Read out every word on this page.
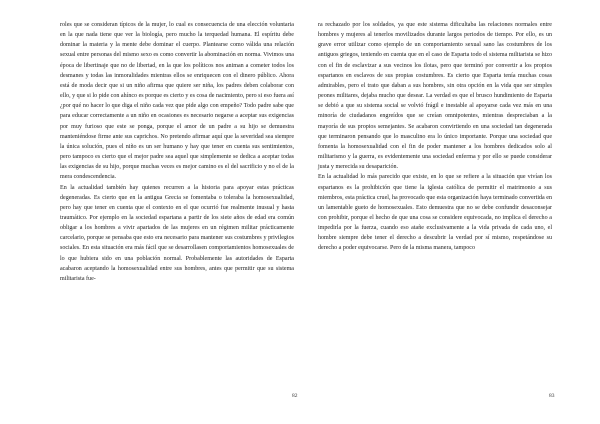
roles que se consideran típicos de la mujer, lo cual es consecuencia de una elección voluntaria en la que nada tiene que ver la biología, pero mucho la terquedad humana. El espíritu debe dominar la materia y la mente debe dominar el cuerpo. Plantearse como válida una relación sexual entre personas del mismo sexo es como convertir la abominación en norma. Vivimos una época de libertinaje que no de libertad, en la que los políticos nos animan a cometer todos los desmanes y todas las inmoralidades mientras ellos se enriquecen con el dinero público. Ahora está de moda decir que si un niño afirma que quiere ser niña, los padres deben colaborar con ello, y que si lo pide con ahínco es porque es cierto y es cosa de nacimiento, pero si eso fuera así ¿por qué no hacer lo que diga el niño cada vez que pide algo con empeño? Todo padre sabe que para educar correctamente a un niño en ocasiones es necesario negarse a aceptar sus exigencias por muy furioso que este se ponga, porque el amor de un padre a su hijo se demuestra manteniéndose firme ante sus caprichos. No pretendo afirmar aquí que la severidad sea siempre la única solución, pues el niño es un ser humano y hay que tener en cuenta sus sentimientos, pero tampoco es cierto que el mejor padre sea aquel que simplemente se dedica a aceptar todas las exigencias de su hijo, porque muchas veces es mejor camino es el del sacrificio y no el de la mera condescendencia.

En la actualidad también hay quienes recurren a la historia para apoyar estas prácticas degeneradas. Es cierto que en la antigua Grecia se fomentaba o toleraba la homosexualidad, pero hay que tener en cuenta que el contexto en el que ocurrió fue realmente inusual y hasta traumático. Por ejemplo en la sociedad espartana a partir de los siete años de edad era común obligar a los hombres a vivir apartados de las mujeres en un régimen militar prácticamente carcelario, porque se pensaba que esto era necesario para mantener sus costumbres y privilegios sociales. En esta situación era más fácil que se desarrollasen comportamientos homosexuales de lo que hubiera sido en una población normal. Probablemente las autoridades de Esparta acabaron aceptando la homosexualidad entre sus hombres, antes que permitir que su sistema militarista fue-

82

ra rechazado por los soldados, ya que este sistema dificultaba las relaciones normales entre hombres y mujeres al tenerlos movilizados durante largos periodos de tiempo. Por ello, es un grave error utilizar como ejemplo de un comportamiento sexual sano las costumbres de los antiguos griegos, teniendo en cuenta que en el caso de Esparta todo el sistema militarista se hizo con el fin de esclavizar a sus vecinos los ilotas, pero que terminó por convertir a los propios espartanos en esclavos de sus propias costumbres. Es cierto que Esparta tenía muchas cosas admirables, pero el trato que daban a sus hombres, sin otra opción en la vida que ser simples peones militares, dejaba mucho que desear. La verdad es que el brusco hundimiento de Esparta se debió a que su sistema social se volvió frágil e inestable al apoyarse cada vez más en una minoría de ciudadanos engreídos que se creían omnipotentes, mientras despreciaban a la mayoría de sus propios semejantes. Se acabaron convirtiendo en una sociedad tan degenerada que terminaron pensando que lo masculino era lo único importante. Porque una sociedad que fomenta la homosexualidad con el fin de poder mantener a los hombres dedicados solo al militarismo y la guerra, es evidentemente una sociedad enferma y por ello se puede considerar justa y merecida su desaparición.

En la actualidad lo más parecido que existe, en lo que se refiere a la situación que vivían los espartanos es la prohibición que tiene la iglesia católica de permitir el matrimonio a sus miembros, esta práctica cruel, ha provocado que esta organización haya terminado convertida en un lamentable gueto de homosexuales. Esto demuestra que no se debe confundir desaconsejar con prohibir, porque el hecho de que una cosa se considere equivocada, no implica el derecho a impedirla por la fuerza, cuando eso atañe exclusivamente a la vida privada de cada uno, el hombre siempre debe tener el derecho a descubrir la verdad por sí mismo, respetándose su derecho a poder equivocarse. Pero de la misma manera, tampoco

83
